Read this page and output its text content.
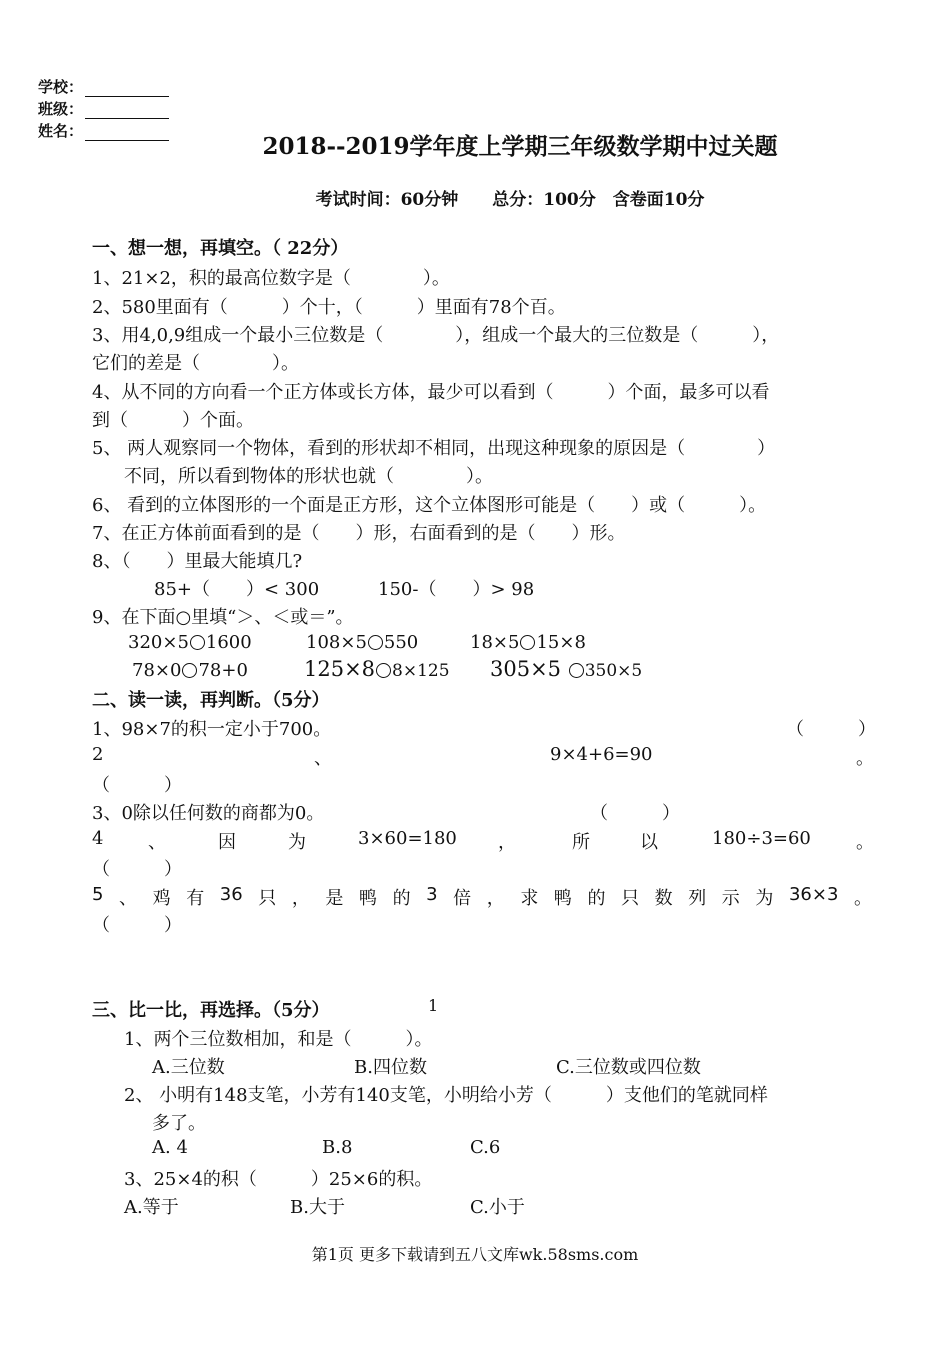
学校：
班级：
姓名：
2018--2019学年度上学期三年级数学期中过关题
考试时间：60分钟　　总分：100分　含卷面10分
一、想一想，再填空。（ 22分）
1、21×2，积的最高位数字是（　　　　）。
2、580里面有（　　　）个十，（　　　）里面有78个百。
3、用4,0,9组成一个最小三位数是（　　　　），组成一个最大的三位数是（　　　），
它们的差是（　　　　）。
4、从不同的方向看一个正方体或长方体，最少可以看到（　　　）个面，最多可以看
到（　　　）个面。
5、 两人观察同一个物体，看到的形状却不相同，出现这种现象的原因是（　　　　）
不同，所以看到物体的形状也就（　　　　）。
6、 看到的立体图形的一个面是正方形，这个立体图形可能是（　　）或（　　　）。
7、在正方体前面看到的是（　　）形，右面看到的是（　　）形。
8、（　　）里最大能填几?
85+（　　）< 300	150-（　　）> 98
9、在下面○里填“＞、＜或＝”。
320×5 1600	108×5 550	18×5 15×8
78×0 78+0	125×8 8×125 305×5 350×5
二、读一读，再判断。（5分）
1、98×7的积一定小于700。	（　　　）
2	、	9×4+6=90	。
（　　　）
3、0除以任何数的商都为0。	（　　　）
4 、	因	为	3×60=180 ，	所	以	180÷3=60	。
（　　　）
5 、 鸡 有 36 只 ， 是 鸭 的 3 倍 ， 求 鸭 的 只 数 列 示 为 36×3 。
（　　　）
三、比一比，再选择。（5分）	1
1、两个三位数相加，和是（　　　）。
A.三位数	B.四位数	C.三位数或四位数
2、 小明有148支笔，小芳有140支笔，小明给小芳（　　　）支他们的笔就同样
多了。
A. 4	B.8	C.6
3、25×4的积（　　　）25×6的积。
A.等于	B.大于	C.小于
第1页 更多下载请到五八文库wk.58sms.com
